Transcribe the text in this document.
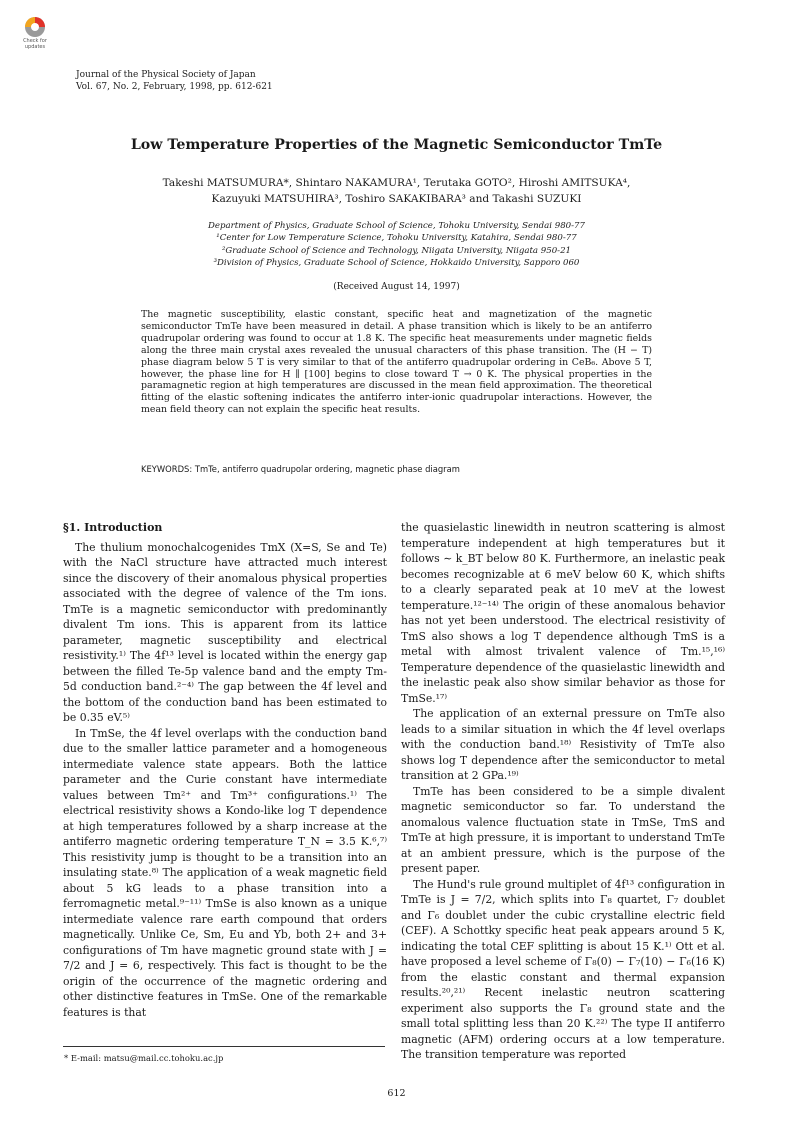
Check for updates
Journal of the Physical Society of Japan
Vol. 67, No. 2, February, 1998, pp. 612-621
Low Temperature Properties of the Magnetic Semiconductor TmTe
Takeshi MATSUMURA*, Shintaro NAKAMURA¹, Terutaka GOTO², Hiroshi AMITSUKA⁴,
Kazuyuki MATSUHIRA³, Toshiro SAKAKIBARA³ and Takashi SUZUKI
Department of Physics, Graduate School of Science, Tohoku University, Sendai 980-77
¹Center for Low Temperature Science, Tohoku University, Katahira, Sendai 980-77
²Graduate School of Science and Technology, Niigata University, Niigata 950-21
³Division of Physics, Graduate School of Science, Hokkaido University, Sapporo 060
(Received August 14, 1997)
The magnetic susceptibility, elastic constant, specific heat and magnetization of the magnetic semiconductor TmTe have been measured in detail. A phase transition which is likely to be an antiferro quadrupolar ordering was found to occur at 1.8 K. The specific heat measurements under magnetic fields along the three main crystal axes revealed the unusual characters of this phase transition. The (H − T) phase diagram below 5 T is very similar to that of the antiferro quadrupolar ordering in CeB₆. Above 5 T, however, the phase line for H ∥ [100] begins to close toward T → 0 K. The physical properties in the paramagnetic region at high temperatures are discussed in the mean field approximation. The theoretical fitting of the elastic softening indicates the antiferro inter-ionic quadrupolar interactions. However, the mean field theory can not explain the specific heat results.
KEYWORDS: TmTe, antiferro quadrupolar ordering, magnetic phase diagram

§1. Introduction

The thulium monochalcogenides TmX (X=S, Se and Te) with the NaCl structure have attracted much interest since the discovery of their anomalous physical properties associated with the degree of valence of the Tm ions. TmTe is a magnetic semiconductor with predominantly divalent Tm ions. This is apparent from its lattice parameter, magnetic susceptibility and electrical resistivity.¹⁾ The 4f¹³ level is located within the energy gap between the filled Te-5p valence band and the empty Tm-5d conduction band.²⁻⁴⁾ The gap between the 4f level and the bottom of the conduction band has been estimated to be 0.35 eV.⁵⁾

In TmSe, the 4f level overlaps with the conduction band due to the smaller lattice parameter and a homogeneous intermediate valence state appears. Both the lattice parameter and the Curie constant have intermediate values between Tm²⁺ and Tm³⁺ configurations.¹⁾ The electrical resistivity shows a Kondo-like log T dependence at high temperatures followed by a sharp increase at the antiferro magnetic ordering temperature T_N = 3.5 K.⁶,⁷⁾ This resistivity jump is thought to be a transition into an insulating state.⁸⁾ The application of a weak magnetic field about 5 kG leads to a phase transition into a ferromagnetic metal.⁹⁻¹¹⁾ TmSe is also known as a unique intermediate valence rare earth compound that orders magnetically. Unlike Ce, Sm, Eu and Yb, both 2+ and 3+ configurations of Tm have magnetic ground state with J = 7/2 and J = 6, respectively. This fact is thought to be the origin of the occurrence of the magnetic ordering and other distinctive features in TmSe. One of the remarkable features is that

the quasielastic linewidth in neutron scattering is almost temperature independent at high temperatures but it follows ∼ k_BT below 80 K. Furthermore, an inelastic peak becomes recognizable at 6 meV below 60 K, which shifts to a clearly separated peak at 10 meV at the lowest temperature.¹²⁻¹⁴⁾ The origin of these anomalous behavior has not yet been understood. The electrical resistivity of TmS also shows a log T dependence although TmS is a metal with almost trivalent valence of Tm.¹⁵,¹⁶⁾ Temperature dependence of the quasielastic linewidth and the inelastic peak also show similar behavior as those for TmSe.¹⁷⁾

The application of an external pressure on TmTe also leads to a similar situation in which the 4f level overlaps with the conduction band.¹⁸⁾ Resistivity of TmTe also shows log T dependence after the semiconductor to metal transition at 2 GPa.¹⁹⁾

TmTe has been considered to be a simple divalent magnetic semiconductor so far. To understand the anomalous valence fluctuation state in TmSe, TmS and TmTe at high pressure, it is important to understand TmTe at an ambient pressure, which is the purpose of the present paper.

The Hund's rule ground multiplet of 4f¹³ configuration in TmTe is J = 7/2, which splits into Γ₈ quartet, Γ₇ doublet and Γ₆ doublet under the cubic crystalline electric field (CEF). A Schottky specific heat peak appears around 5 K, indicating the total CEF splitting is about 15 K.¹⁾ Ott et al. have proposed a level scheme of Γ₈(0) − Γ₇(10) − Γ₆(16 K) from the elastic constant and thermal expansion results.²⁰,²¹⁾ Recent inelastic neutron scattering experiment also supports the Γ₈ ground state and the small total splitting less than 20 K.²²⁾ The type II antiferro magnetic (AFM) ordering occurs at a low temperature. The transition temperature was reported

* E-mail: matsu@mail.cc.tohoku.ac.jp
612
